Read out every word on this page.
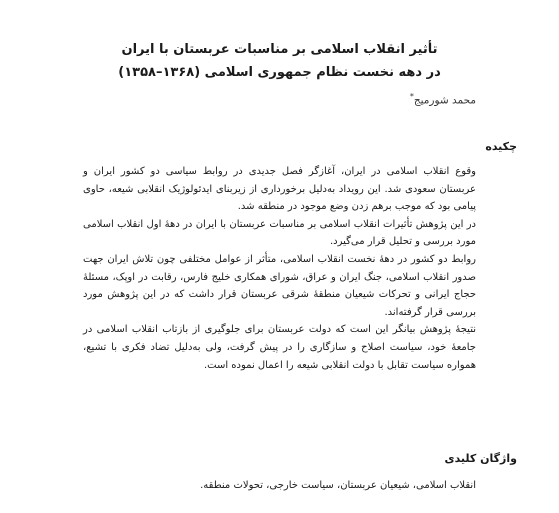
تأثیر انقلاب اسلامی بر مناسبات عربستان با ایران
در دهه نخست نظام جمهوری اسلامی (۱۳۶۸–۱۳۵۸)
محمد شورمیج*
چکیده

وقوع انقلاب اسلامی در ایران، آغازگر فصل جدیدی در روابط سیاسی دو کشور ایران و عربستان سعودی شد. این رویداد به‌دلیل برخورداری از زیربنای ایدئولوژیک انقلابی شیعه، حاوی پیامی بود که موجب برهم زدن وضع موجود در منطقه شد.

در این پژوهش تأثیرات انقلاب اسلامی بر مناسبات عربستان با ایران در دهۀ اول انقلاب اسلامی مورد بررسی و تحلیل قرار می‌گیرد.

روابط دو کشور در دهۀ نخست انقلاب اسلامی، متأثر از عوامل مختلفی چون تلاش ایران جهت صدور انقلاب اسلامی، جنگ ایران و عراق، شورای همکاری خلیج فارس، رقابت در اوپک، مسئلۀ حجاج ایرانی و تحرکات شیعیان منطقۀ شرقی عربستان قرار داشت که در این پژوهش مورد بررسی قرار گرفته‌اند.

نتیجۀ پژوهش بیانگر این است که دولت عربستان برای جلوگیری از بازتاب انقلاب اسلامی در جامعۀ خود، سیاست اصلاح و سازگاری را در پیش گرفت، ولی به‌دلیل تضاد فکری با تشیع، همواره سیاست تقابل با دولت انقلابی شیعه را اعمال نموده است.

واژگان کلیدی
انقلاب اسلامی، شیعیان عربستان، سیاست خارجی، تحولات منطقه.
